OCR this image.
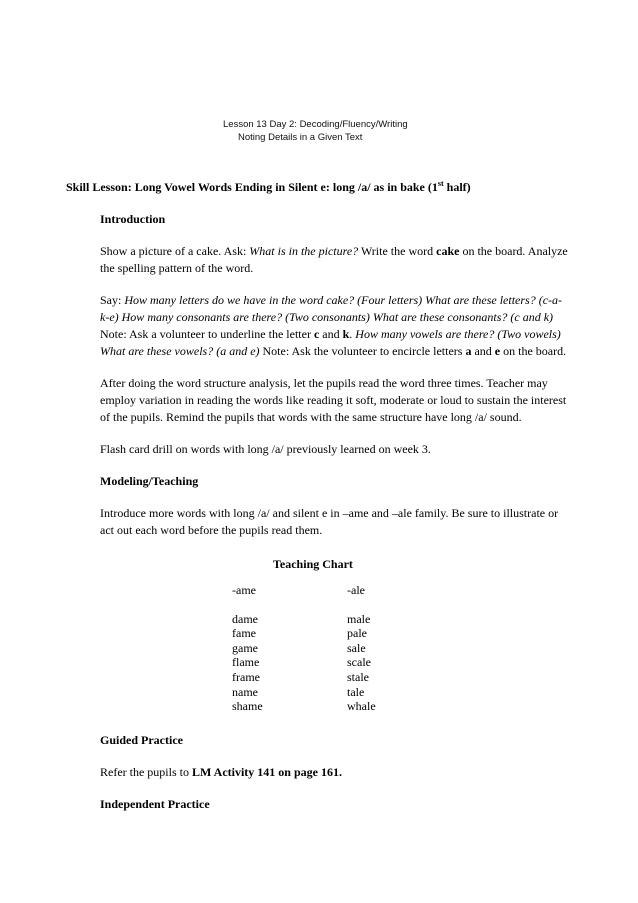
Lesson 13 Day 2: Decoding/Fluency/Writing
Noting Details in a Given Text
Skill Lesson: Long Vowel Words Ending in Silent e: long /a/ as in bake (1st half)
Introduction

Show a picture of a cake. Ask: What is in the picture? Write the word cake on the board. Analyze the spelling pattern of the word.

Say: How many letters do we have in the word cake? (Four letters) What are these letters? (c-a-k-e) How many consonants are there? (Two consonants) What are these consonants? (c and k) Note: Ask a volunteer to underline the letter c and k. How many vowels are there? (Two vowels) What are these vowels? (a and e) Note: Ask the volunteer to encircle letters a and e on the board.

After doing the word structure analysis, let the pupils read the word three times. Teacher may employ variation in reading the words like reading it soft, moderate or loud to sustain the interest of the pupils. Remind the pupils that words with the same structure have long /a/ sound.

Flash card drill on words with long /a/ previously learned on week 3.

Modeling/Teaching

Introduce more words with long /a/ and silent e in –ame and –ale family. Be sure to illustrate or act out each word before the pupils read them.

Teaching Chart
-ame	-ale
dame	male
fame	pale
game	sale
flame	scale
frame	stale
name	tale
shame	whale
Guided Practice

Refer the pupils to LM Activity 141 on page 161.

Independent Practice
